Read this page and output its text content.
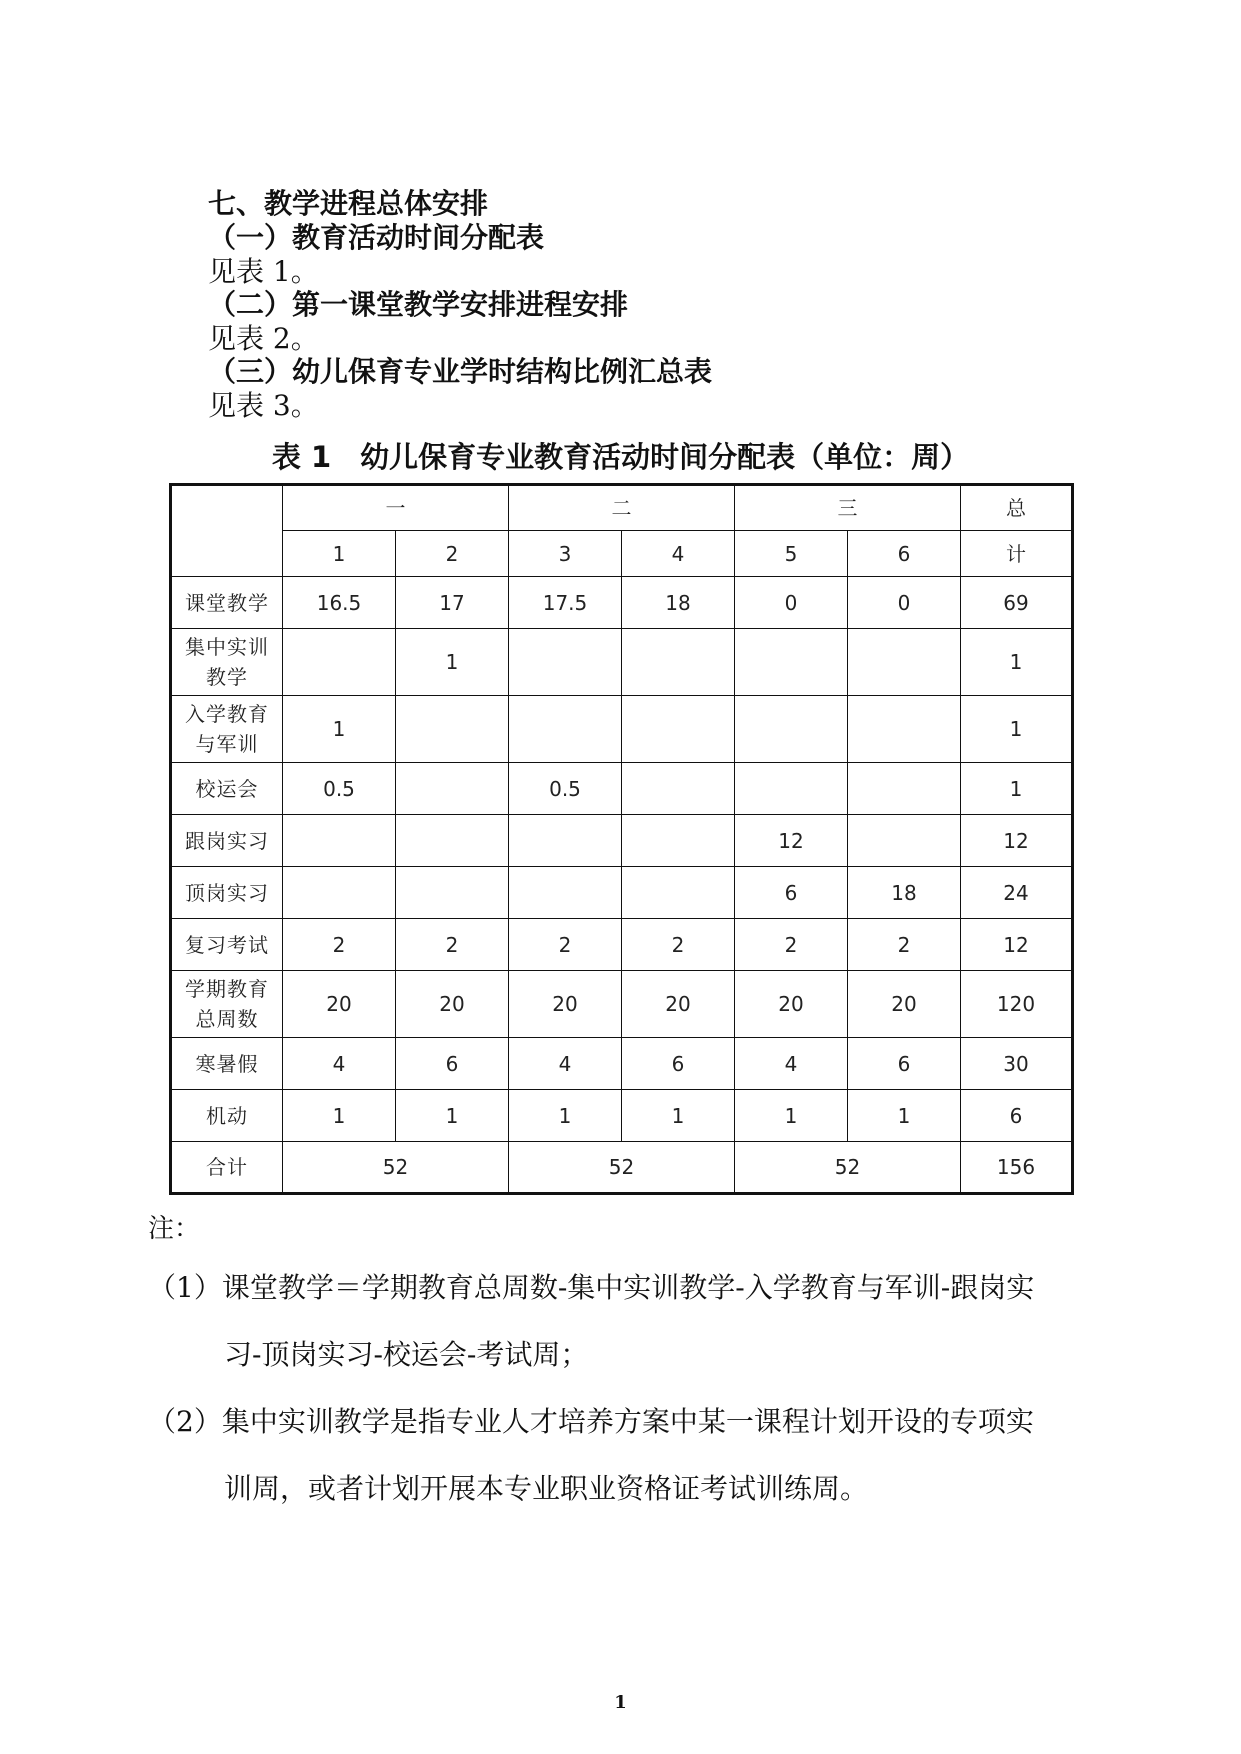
七、教学进程总体安排
（一）教育活动时间分配表
见表 1。
（二）第一课堂教学安排进程安排
见表 2。
（三）幼儿保育专业学时结构比例汇总表
见表 3。
表 1　幼儿保育专业教育活动时间分配表（单位：周）
	一		二		三		总
	1	2	3	4	5	6	计

课堂教学	16.5	17	17.5	18	0	0	69

集中实训
教学		1					1

入学教育
与军训	1						1

校运会	0.5		0.5				1

跟岗实习					12		12

顶岗实习					6	18	24

复习考试	2	2	2	2	2	2	12

学期教育
总周数	20	20	20	20	20	20	120

寒暑假	4	6	4	6	4	6	30

机动	1	1	1	1	1	1	6
合计	52		52		52		156
注：
（1）课堂教学＝学期教育总周数-集中实训教学-入学教育与军训-跟岗实
习-顶岗实习-校运会-考试周；
（2）集中实训教学是指专业人才培养方案中某一课程计划开设的专项实
训周，或者计划开展本专业职业资格证考试训练周。
1
